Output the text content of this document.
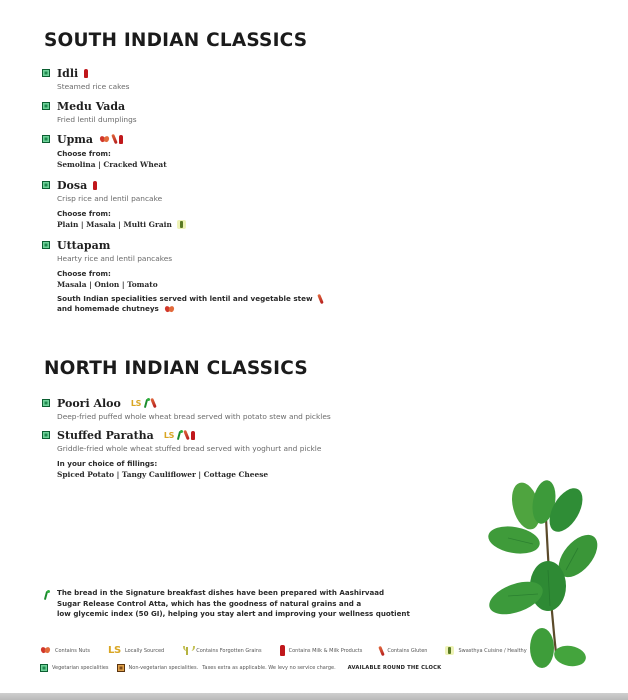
SOUTH INDIAN CLASSICS
Idli
Steamed rice cakes
Medu Vada
Fried lentil dumplings
Upma
Choose from:
Semolina | Cracked Wheat
Dosa
Crisp rice and lentil pancake
Choose from:
Plain | Masala | Multi Grain
Uttapam
Hearty rice and lentil pancakes
Choose from:
Masala | Onion | Tomato
South Indian specialities served with lentil and vegetable stew
and homemade chutneys
NORTH INDIAN CLASSICS
Poori Aloo LS
Deep-fried puffed whole wheat bread served with potato stew and pickles
Stuffed Paratha LS
Griddle-fried whole wheat stuffed bread served with yoghurt and pickle
In your choice of fillings:
Spiced Potato | Tangy Cauliflower | Cottage Cheese
The bread in the Signature breakfast dishes have been prepared with Aashirvaad
Sugar Release Control Atta, which has the goodness of natural grains and a
low glycemic index (50 GI), helping you stay alert and improving your wellness quotient
Contains Nuts LS Locally Sourced	Contains Forgotten Grains	Contains Milk & Milk Products	Contains Gluten	Swasthya Cuisine / Healthy
Vegetarian specialities	Non-vegetarian specialities. Taxes extra as applicable. We levy no service charge. AVAILABLE ROUND THE CLOCK
